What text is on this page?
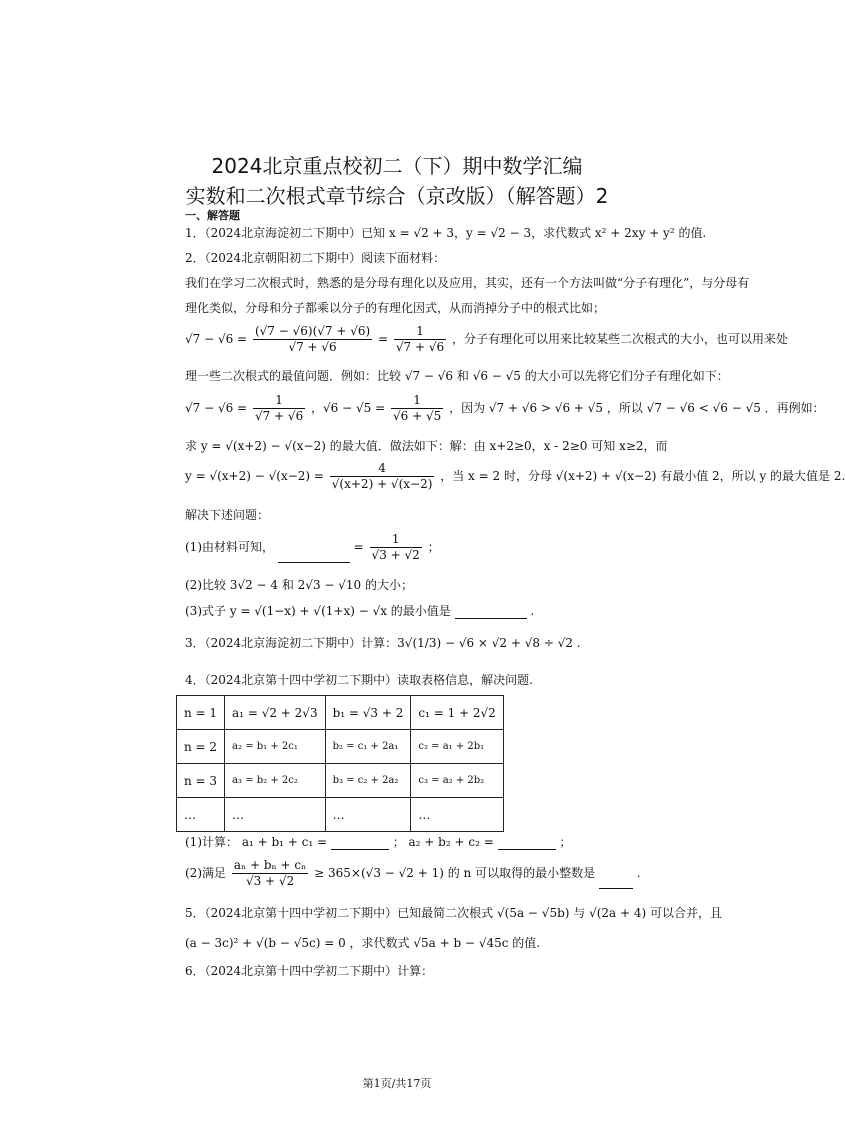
2024北京重点校初二（下）期中数学汇编
实数和二次根式章节综合（京改版）（解答题）2
一、解答题
1．（2024北京海淀初二下期中）已知 x = √2 + 3，y = √2 − 3，求代数式 x² + 2xy + y² 的值.
2．（2024北京朝阳初二下期中）阅读下面材料：
我们在学习二次根式时，熟悉的是分母有理化以及应用，其实，还有一个方法叫做“分子有理化”，与分母有
理化类似，分母和分子都乘以分子的有理化因式，从而消掉分子中的根式比如；
$√7 - √6 = \frac{(√7 - √6)(√7 + √6)}{√7 + √6} = \frac{1}{√7 + √6}$ ，分子有理化可以用来比较某些二次根式的大小，也可以用来处
理一些二次根式的最值问题．例如：比较 √7 − √6 和 √6 − √5 的大小可以先将它们分子有理化如下：
$√7 - √6 = \frac{1}{√7 + √6}$ ，$√6 - √5 = \frac{1}{√6 + √5}$ ，因为 √7 + √6 > √6 + √5 ，所以 √7 − √6 < √6 − √5 ．再例如：
求 y = √(x+2) − √(x−2) 的最大值．做法如下：解：由 x+2≥0，x - 2≥0 可知 x≥2，而
$y = √(x+2) - √(x-2) = \frac{4}{√(x+2) + √(x-2)}$ ，当 x = 2 时，分母 √(x+2) + √(x−2) 有最小值 2，所以 y 的最大值是 2.
解决下述问题：
(1)由材料可知，	= $\frac{1}{√3 + √2}$ ；
(2)比较 3√2 − 4 和 2√3 − √10 的大小；
(3)式子 y = √(1−x) + √(1+x) − √x 的最小值是	.
3．（2024北京海淀初二下期中）计算：3√(1/3) − √6 × √2 + √8 ÷ √2 .
4．（2024北京第十四中学初二下期中）读取表格信息，解决问题.
n = 1	a₁ = √2 + 2√3	b₁ = √3 + 2	c₁ = 1 + 2√2
n = 2	a₂ = b₁ + 2c₁	b₂ = c₁ + 2a₁	c₂ = a₁ + 2b₁
n = 3	a₃ = b₂ + 2c₂	b₃ = c₂ + 2a₂	c₃ = a₂ + 2b₂
…	…	…	…
(1)计算： a₁ + b₁ + c₁ =	； a₂ + b₂ + c₂ =	；
(2)满足 $\frac{\text{aₙ + bₙ + cₙ}}{√3 + √2} \ge 365\times(√3 - √2 + 1)$ 的 n 可以取得的最小整数是	.
5．（2024北京第十四中学初二下期中）已知最简二次根式 √(5a − √5b) 与 √(2a + 4) 可以合并，且
(a − 3c)² + √(b − √5c) = 0 ，求代数式 √5a + b − √45c 的值.
6．（2024北京第十四中学初二下期中）计算：
第1页/共17页
